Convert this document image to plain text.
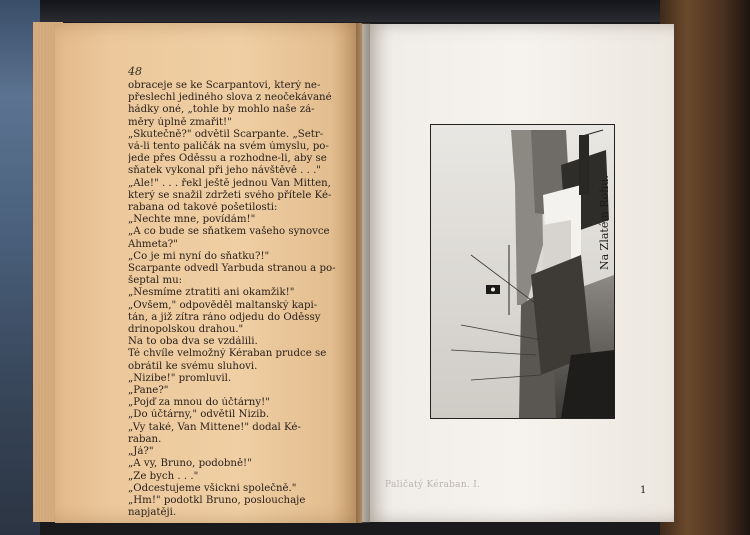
48
obraceje se ke Scarpantovi, který ne-
přeslechl jediného slova z neočekávané
hádky oné, „tohle by mohlo naše zá-
měry úplně zmařit!"
„Skutečně?" odvětil Scarpante. „Setr-
vá-li tento paličák na svém úmyslu, po-
jede přes Oděssu a rozhodne-li, aby se
sňatek vykonal při jeho návštěvě . . ."
„Ale!" . . . řekl ještě jednou Van Mitten,
který se snažil zdržeti svého přítele Ké-
rabana od takové pošetilosti:
„Nechte mne, povídám!"
„A co bude se sňatkem vašeho synovce
Ahmeta?"
„Co je mi nyní do sňatku?!"
Scarpante odvedl Yarbuda stranou a po-
šeptal mu:
„Nesmíme ztratiti ani okamžik!"
„Ovšem," odpověděl maltanský kapi-
tán, a již zítra ráno odjedu do Oděssy
drinopolskou drahou."
Na to oba dva se vzdálili.
Té chvíle velmožný Kéraban prudce se
obrátil ke svému sluhovi.
„Nizibe!" promluvil.
„Pane?"
„Pojď za mnou do účtárny!"
„Do účtárny," odvětil Nizib.
„Vy také, Van Mittene!" dodal Ké-
raban.
„Já?"
„A vy, Bruno, podobně!"
„Že bych . . ."
„Odcestujeme všickni společně."
„Hm!" podotkl Bruno, poslouchaje
napjatěji.
Na Zlatém Rohu.
Paličatý Kéraban. I.	1
